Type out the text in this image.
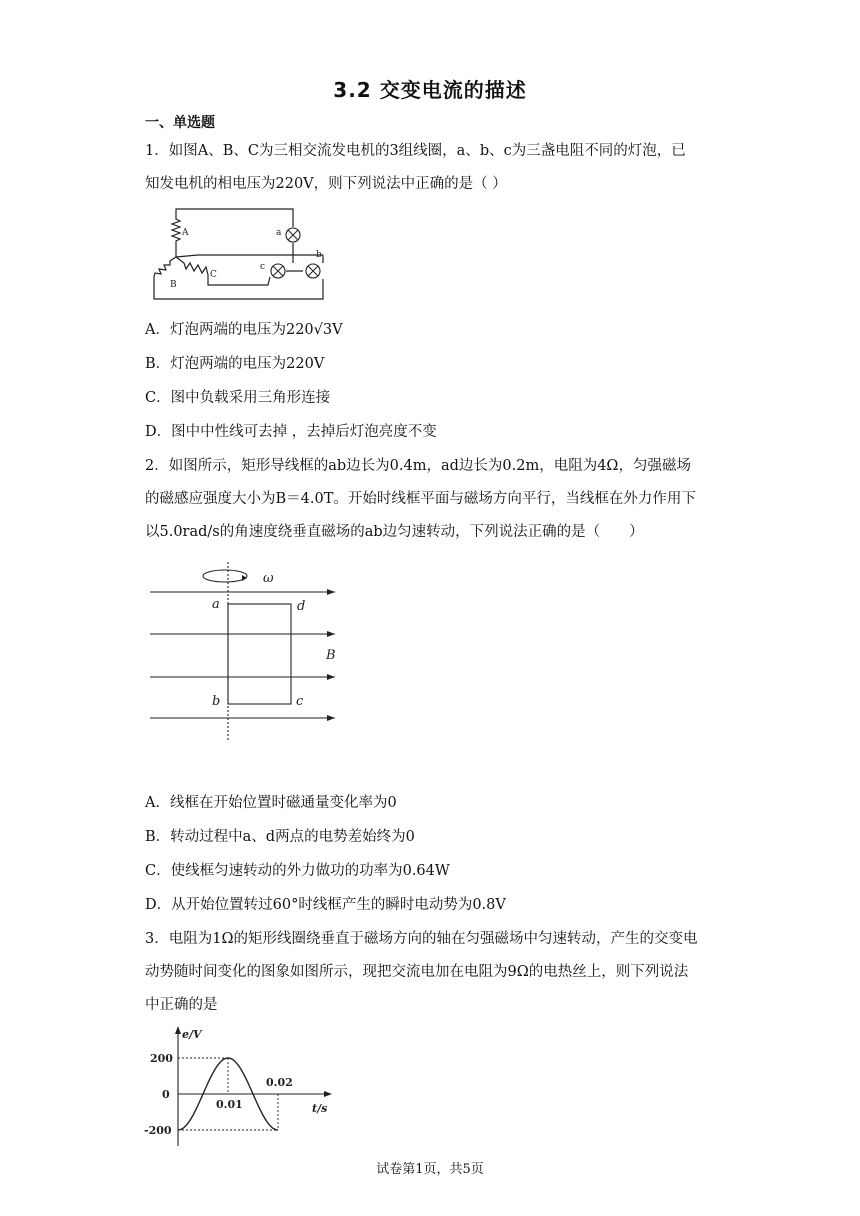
3.2 交变电流的描述
一、单选题
1．如图A、B、C为三相交流发电机的3组线圈，a、b、c为三盏电阻不同的灯泡，已
知发电机的相电压为220V，则下列说法中正确的是（ ）
A
B
C
a
b
c
A．灯泡两端的电压为220√3V
B．灯泡两端的电压为220V
C．图中负载采用三角形连接
D．图中中性线可去掉 ，去掉后灯泡亮度不变
2．如图所示，矩形导线框的ab边长为0.4m，ad边长为0.2m，电阻为4Ω，匀强磁场
的磁感应强度大小为B＝4.0T。开始时线框平面与磁场方向平行，当线框在外力作用下
以5.0rad/s的角速度绕垂直磁场的ab边匀速转动，下列说法正确的是（　　）
ω
a	d
B
b	c
A．线框在开始位置时磁通量变化率为0
B．转动过程中a、d两点的电势差始终为0
C．使线框匀速转动的外力做功的功率为0.64W
D．从开始位置转过60°时线框产生的瞬时电动势为0.8V
3．电阻为1Ω的矩形线圈绕垂直于磁场方向的轴在匀强磁场中匀速转动，产生的交变电
动势随时间变化的图象如图所示，现把交流电加在电阻为9Ω的电热丝上，则下列说法
中正确的是
e/V
t/s
200
0
-200
0.01
0.02
试卷第1页，共5页
